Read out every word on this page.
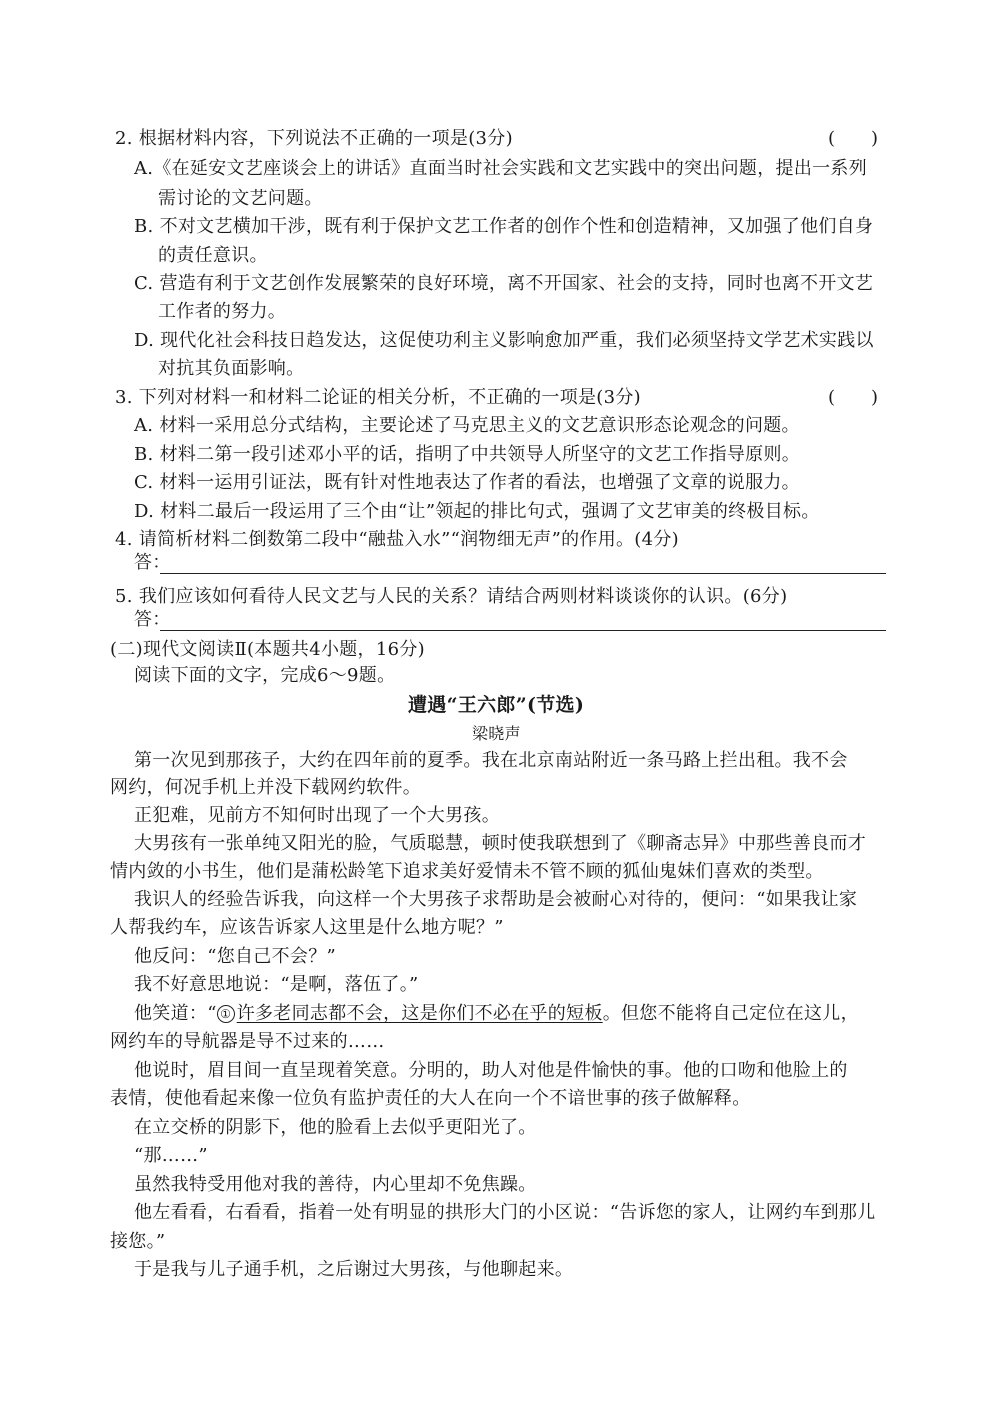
2. 根据材料内容，下列说法不正确的一项是(3分)	(　　)
A.《在延安文艺座谈会上的讲话》直面当时社会实践和文艺实践中的突出问题，提出一系列
需讨论的文艺问题。
B. 不对文艺横加干涉，既有利于保护文艺工作者的创作个性和创造精神，又加强了他们自身
的责任意识。
C. 营造有利于文艺创作发展繁荣的良好环境，离不开国家、社会的支持，同时也离不开文艺
工作者的努力。
D. 现代化社会科技日趋发达，这促使功利主义影响愈加严重，我们必须坚持文学艺术实践以
对抗其负面影响。
3. 下列对材料一和材料二论证的相关分析，不正确的一项是(3分)	(　　)
A. 材料一采用总分式结构，主要论述了马克思主义的文艺意识形态论观念的问题。
B. 材料二第一段引述邓小平的话，指明了中共领导人所坚守的文艺工作指导原则。
C. 材料一运用引证法，既有针对性地表达了作者的看法，也增强了文章的说服力。
D. 材料二最后一段运用了三个由“让”领起的排比句式，强调了文艺审美的终极目标。
4. 请简析材料二倒数第二段中“融盐入水”“润物细无声”的作用。(4分)
答：
5. 我们应该如何看待人民文艺与人民的关系？请结合两则材料谈谈你的认识。(6分)
答：
(二)现代文阅读Ⅱ(本题共4小题，16分)
阅读下面的文字，完成6～9题。
遭遇“王六郎”(节选)
梁晓声
第一次见到那孩子，大约在四年前的夏季。我在北京南站附近一条马路上拦出租。我不会
网约，何况手机上并没下载网约软件。
正犯难，见前方不知何时出现了一个大男孩。
大男孩有一张单纯又阳光的脸，气质聪慧，顿时使我联想到了《聊斋志异》中那些善良而才
情内敛的小书生，他们是蒲松龄笔下追求美好爱情未不管不顾的狐仙鬼妹们喜欢的类型。
我识人的经验告诉我，向这样一个大男孩子求帮助是会被耐心对待的，便问：“如果我让家
人帮我约车，应该告诉家人这里是什么地方呢？”
他反问：“您自己不会？”
我不好意思地说：“是啊，落伍了。”
他笑道：“ ① 许多老同志都不会，这是你们不必在乎的短板。但您不能将自己定位在这儿，
网约车的导航器是导不过来的……
他说时，眉目间一直呈现着笑意。分明的，助人对他是件愉快的事。他的口吻和他脸上的
表情，使他看起来像一位负有监护责任的大人在向一个不谙世事的孩子做解释。
在立交桥的阴影下，他的脸看上去似乎更阳光了。
“那……”
虽然我特受用他对我的善待，内心里却不免焦躁。
他左看看，右看看，指着一处有明显的拱形大门的小区说：“告诉您的家人，让网约车到那儿
接您。”
于是我与儿子通手机，之后谢过大男孩，与他聊起来。
